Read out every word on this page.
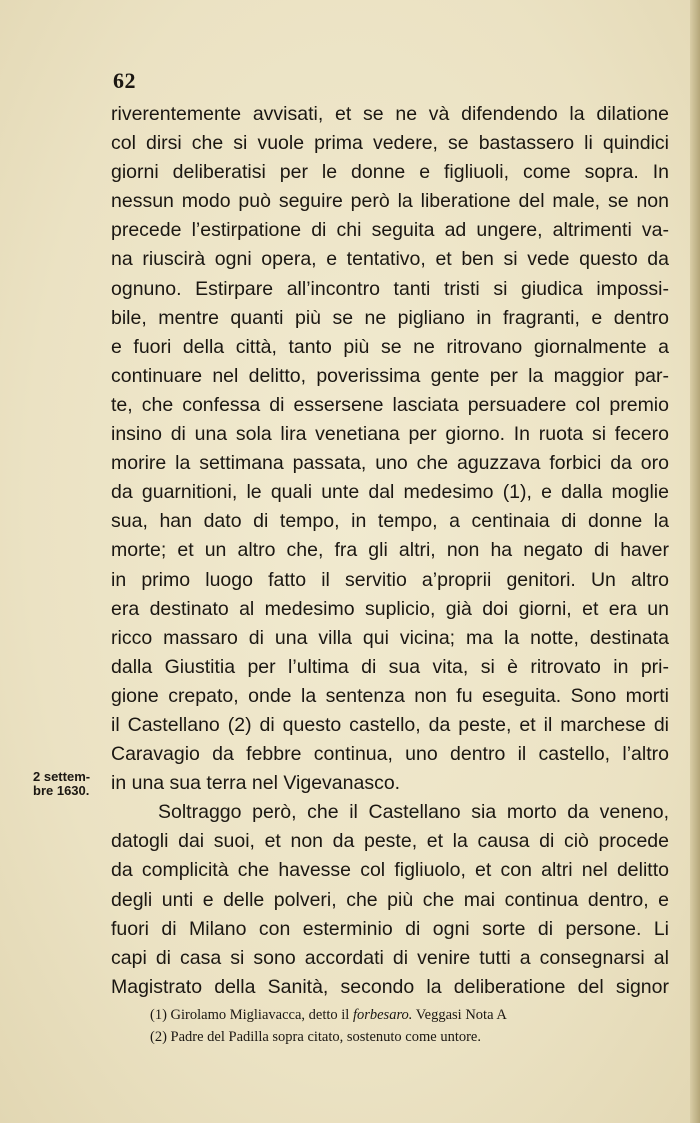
62
2 settem-
bre 1630.
riverentemente avvisati, et se ne và difendendo la dilatione
col dirsi che si vuole prima vedere, se bastassero li quindici
giorni deliberatisi per le donne e figliuoli, come sopra. In
nessun modo può seguire però la liberatione del male, se non
precede l’estirpatione di chi seguita ad ungere, altrimenti va-
na riuscirà ogni opera, e tentativo, et ben si vede questo da
ognuno. Estirpare all’incontro tanti tristi si giudica impossi-
bile, mentre quanti più se ne pigliano in fragranti, e dentro
e fuori della città, tanto più se ne ritrovano giornalmente a
continuare nel delitto, poverissima gente per la maggior par-
te, che confessa di essersene lasciata persuadere col premio
insino di una sola lira venetiana per giorno. In ruota si fecero
morire la settimana passata, uno che aguzzava forbici da oro
da guarnitioni, le quali unte dal medesimo (1), e dalla moglie
sua, han dato di tempo, in tempo, a centinaia di donne la
morte; et un altro che, fra gli altri, non ha negato di haver
in primo luogo fatto il servitio a’proprii genitori. Un altro
era destinato al medesimo suplicio, già doi giorni, et era un
ricco massaro di una villa qui vicina; ma la notte, destinata
dalla Giustitia per l’ultima di sua vita, si è ritrovato in pri-
gione crepato, onde la sentenza non fu eseguita. Sono morti
il Castellano (2) di questo castello, da peste, et il marchese di
Caravagio da febbre continua, uno dentro il castello, l’altro
in una sua terra nel Vigevanasco.
Soltraggo però, che il Castellano sia morto da veneno,
datogli dai suoi, et non da peste, et la causa di ciò procede
da complicità che havesse col figliuolo, et con altri nel delitto
degli unti e delle polveri, che più che mai continua dentro, e
fuori di Milano con esterminio di ogni sorte di persone. Li
capi di casa si sono accordati di venire tutti a consegnarsi al
Magistrato della Sanità, secondo la deliberatione del signor
(1) Girolamo Migliavacca, detto il forbesaro. Veggasi Nota A
(2) Padre del Padilla sopra citato, sostenuto come untore.
